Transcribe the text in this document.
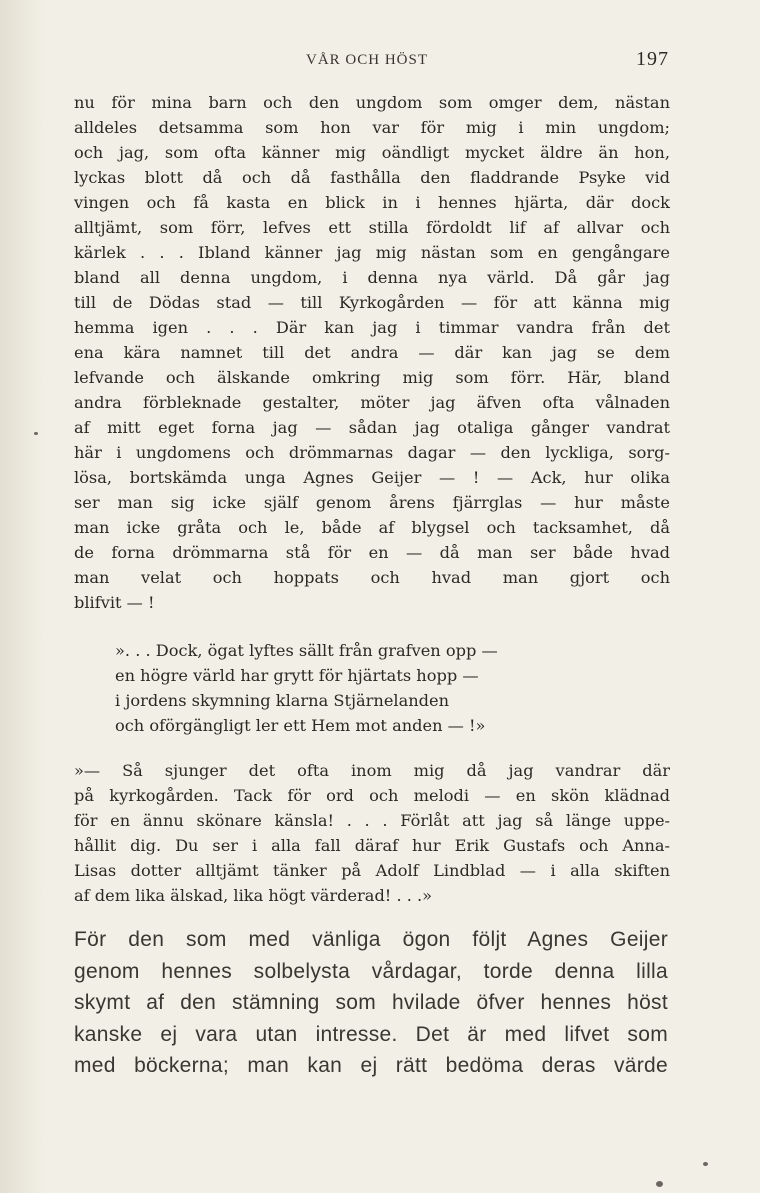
VÅR OCH HÖST	197
nu för mina barn och den ungdom som omger dem, nästan
alldeles detsamma som hon var för mig i min ungdom;
och jag, som ofta känner mig oändligt mycket äldre än hon,
lyckas blott då och då fasthålla den fladdrande Psyke vid
vingen och få kasta en blick in i hennes hjärta, där dock
alltjämt, som förr, lefves ett stilla fördoldt lif af allvar och
kärlek . . . Ibland känner jag mig nästan som en gengångare
bland all denna ungdom, i denna nya värld. Då går jag
till de Dödas stad — till Kyrkogården — för att känna mig
hemma igen . . . Där kan jag i timmar vandra från det
ena kära namnet till det andra — där kan jag se dem
lefvande och älskande omkring mig som förr. Här, bland
andra förbleknade gestalter, möter jag äfven ofta vålnaden
af mitt eget forna jag — sådan jag otaliga gånger vandrat
här i ungdomens och drömmarnas dagar — den lyckliga, sorg-
lösa, bortskämda unga Agnes Geijer — ! — Ack, hur olika
ser man sig icke själf genom årens fjärrglas — hur måste
man icke gråta och le, både af blygsel och tacksamhet, då
de forna drömmarna stå för en — då man ser både hvad
man velat och hoppats och hvad man gjort och
blifvit — !
». . . Dock, ögat lyftes sällt från grafven opp —
en högre värld har grytt för hjärtats hopp —
i jordens skymning klarna Stjärnelanden
och oförgängligt ler ett Hem mot anden — !»
»— Så sjunger det ofta inom mig då jag vandrar där
på kyrkogården. Tack för ord och melodi — en skön klädnad
för en ännu skönare känsla! . . . Förlåt att jag så länge uppe-
hållit dig. Du ser i alla fall däraf hur Erik Gustafs och Anna-
Lisas dotter alltjämt tänker på Adolf Lindblad — i alla skiften
af dem lika älskad, lika högt värderad! . . .»
För den som med vänliga ögon följt Agnes Geijer
genom hennes solbelysta vårdagar, torde denna lilla
skymt af den stämning som hvilade öfver hennes höst
kanske ej vara utan intresse. Det är med lifvet som
med böckerna; man kan ej rätt bedöma deras värde
